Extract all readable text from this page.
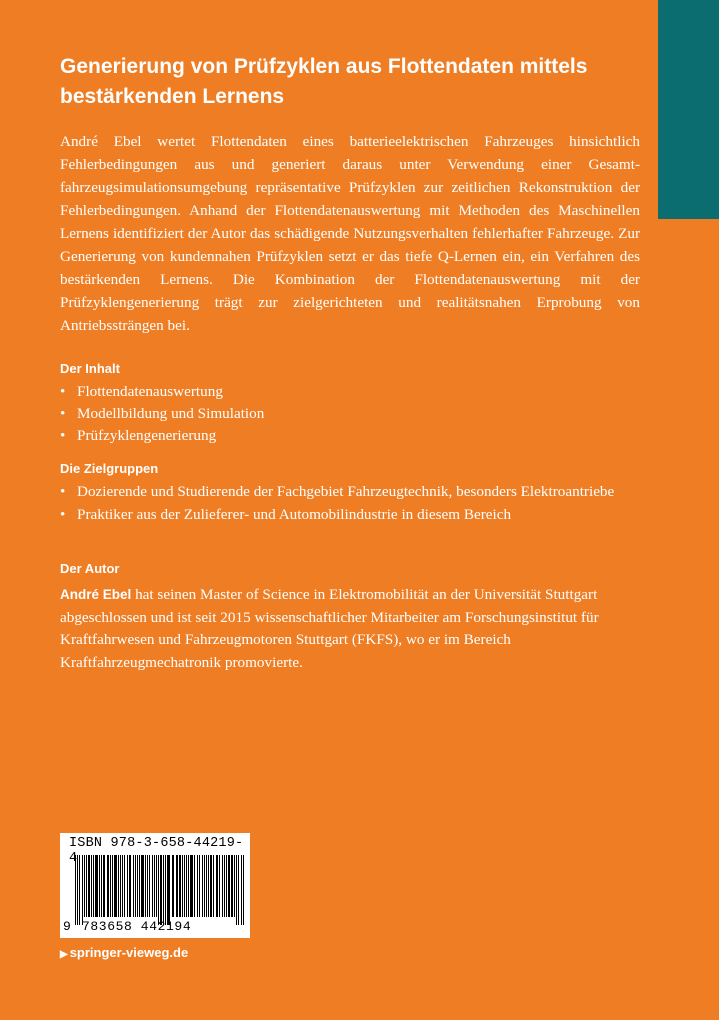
Generierung von Prüfzyklen aus Flottendaten mittels
bestärkenden Lernens

André Ebel wertet Flottendaten eines batterieelektrischen Fahrzeuges hinsichtlich Fehlerbedingungen aus und generiert daraus unter Verwendung einer Gesamtfahrzeugsimulationsumgebung repräsentative Prüfzyklen zur zeitlichen Rekonstruktion der Fehlerbedingungen. Anhand der Flottendatenauswertung mit Methoden des Maschinellen Lernens identifiziert der Autor das schädigende Nutzungsverhalten fehlerhafter Fahrzeuge. Zur Generierung von kundennahen Prüfzyklen setzt er das tiefe Q-Lernen ein, ein Verfahren des bestärkenden Lernens. Die Kombination der Flottendatenauswertung mit der Prüfzyklengenerierung trägt zur zielgerichteten und realitätsnahen Erprobung von Antriebssträngen bei.

Der Inhalt
• Flottendatenauswertung
• Modellbildung und Simulation
• Prüfzyklengenerierung
Die Zielgruppen
• Dozierende und Studierende der Fachgebiet Fahrzeugtechnik, besonders Elektroantriebe
• Praktiker aus der Zulieferer- und Automobilindustrie in diesem Bereich
Der Autor

André Ebel hat seinen Master of Science in Elektromobilität an der Universität Stuttgart abgeschlossen und ist seit 2015 wissenschaftlicher Mitarbeiter am Forschungsinstitut für Kraftfahrwesen und Fahrzeugmotoren Stuttgart (FKFS), wo er im Bereich Kraftfahrzeugmechatronik promovierte.

ISBN 978-3-658-44219-4
9 783658 442194
▶ springer-vieweg.de
